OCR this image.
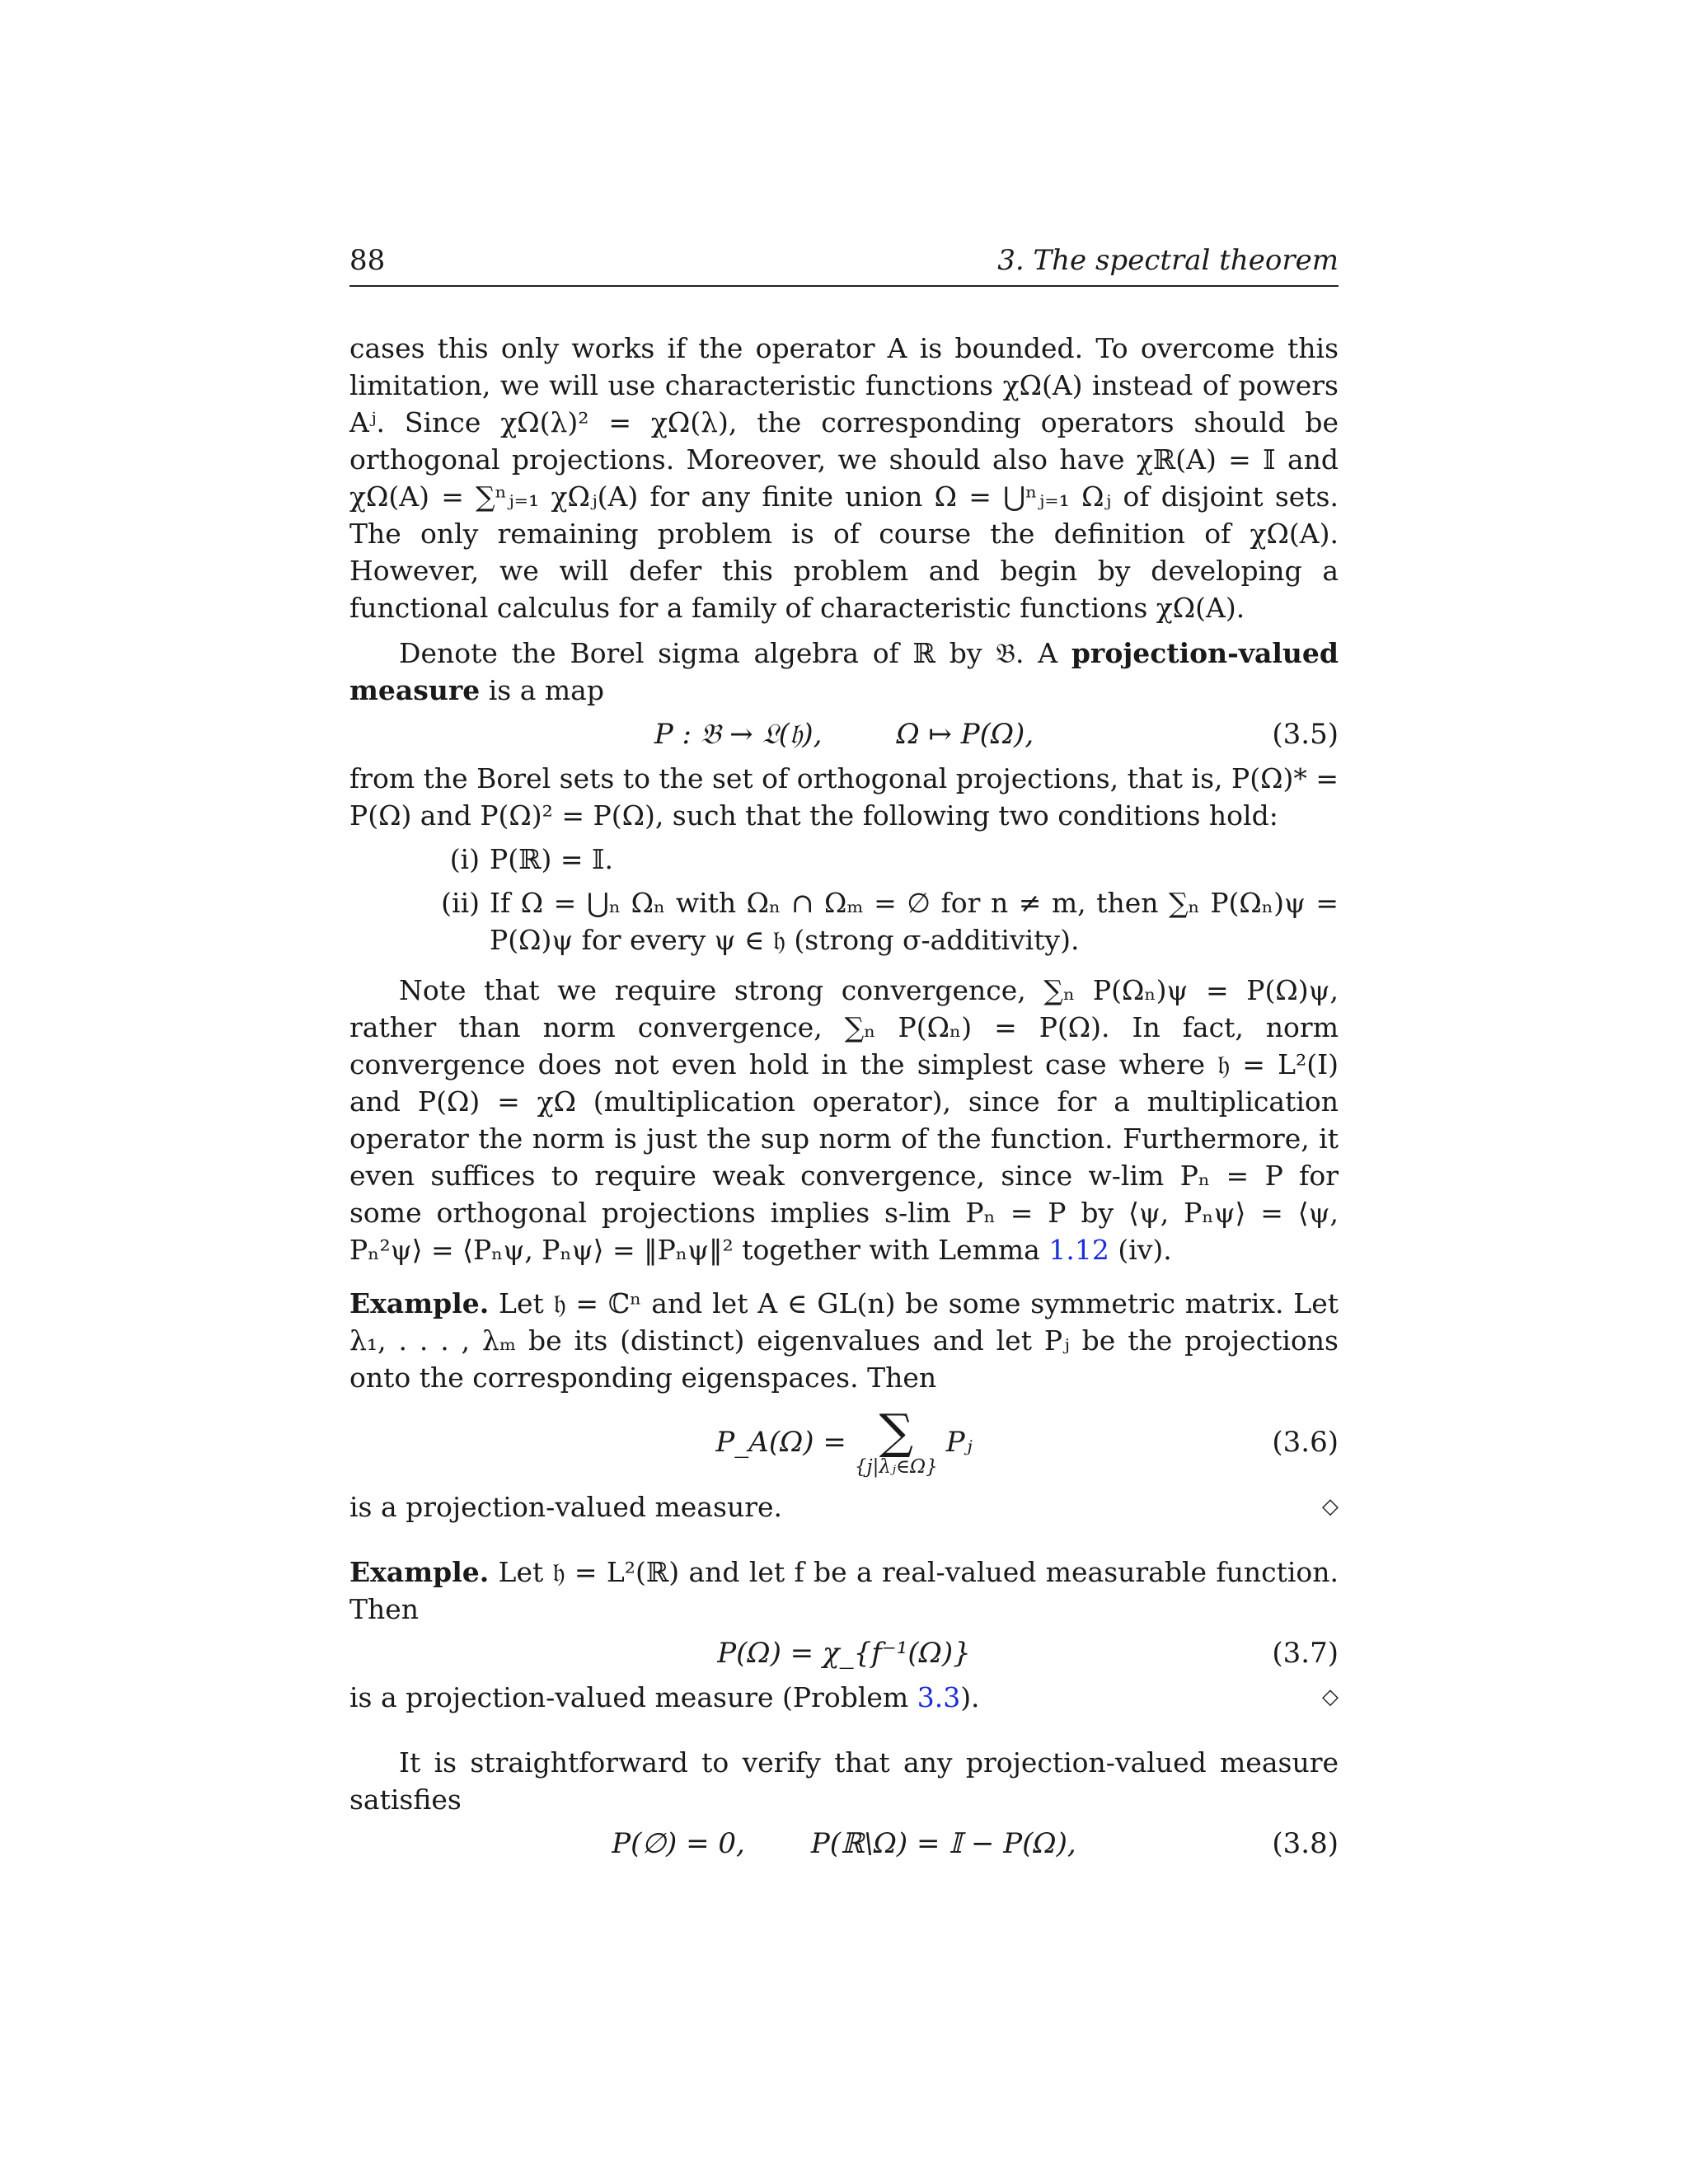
88	3. The spectral theorem

cases this only works if the operator A is bounded. To overcome this limitation, we will use characteristic functions χΩ(A) instead of powers Aʲ. Since χΩ(λ)² = χΩ(λ), the corresponding operators should be orthogonal projections. Moreover, we should also have χℝ(A) = 𝕀 and χΩ(A) = ∑ⁿⱼ₌₁ χΩⱼ(A) for any finite union Ω = ⋃ⁿⱼ₌₁ Ωⱼ of disjoint sets. The only remaining problem is of course the definition of χΩ(A). However, we will defer this problem and begin by developing a functional calculus for a family of characteristic functions χΩ(A).

Denote the Borel sigma algebra of ℝ by 𝔅. A projection-valued measure is a map

P : 𝔅 → 𝔏(𝔥),	Ω ↦ P(Ω),	(3.5)

from the Borel sets to the set of orthogonal projections, that is, P(Ω)* = P(Ω) and P(Ω)² = P(Ω), such that the following two conditions hold:

(i) P(ℝ) = 𝕀.
(ii) If Ω = ⋃ₙ Ωₙ with Ωₙ ∩ Ωₘ = ∅ for n ≠ m, then ∑ₙ P(Ωₙ)ψ = P(Ω)ψ for every ψ ∈ 𝔥 (strong σ-additivity).

Note that we require strong convergence, ∑ₙ P(Ωₙ)ψ = P(Ω)ψ, rather than norm convergence, ∑ₙ P(Ωₙ) = P(Ω). In fact, norm convergence does not even hold in the simplest case where 𝔥 = L²(I) and P(Ω) = χΩ (multiplication operator), since for a multiplication operator the norm is just the sup norm of the function. Furthermore, it even suffices to require weak convergence, since w-lim Pₙ = P for some orthogonal projections implies s-lim Pₙ = P by ⟨ψ, Pₙψ⟩ = ⟨ψ, Pₙ²ψ⟩ = ⟨Pₙψ, Pₙψ⟩ = ‖Pₙψ‖² together with Lemma 1.12 (iv).

Example. Let 𝔥 = ℂⁿ and let A ∈ GL(n) be some symmetric matrix. Let λ₁, . . . , λₘ be its (distinct) eigenvalues and let Pⱼ be the projections onto the corresponding eigenspaces. Then

P_A(Ω) = ∑
{j|λⱼ∈Ω}
Pⱼ	(3.6)

is a projection-valued measure.	◇

Example. Let 𝔥 = L²(ℝ) and let f be a real-valued measurable function. Then

P(Ω) = χ_{f⁻¹(Ω)}	(3.7)

is a projection-valued measure (Problem 3.3).	◇

It is straightforward to verify that any projection-valued measure satisfies

P(∅) = 0, P(ℝ\Ω) = 𝕀 − P(Ω),	(3.8)
